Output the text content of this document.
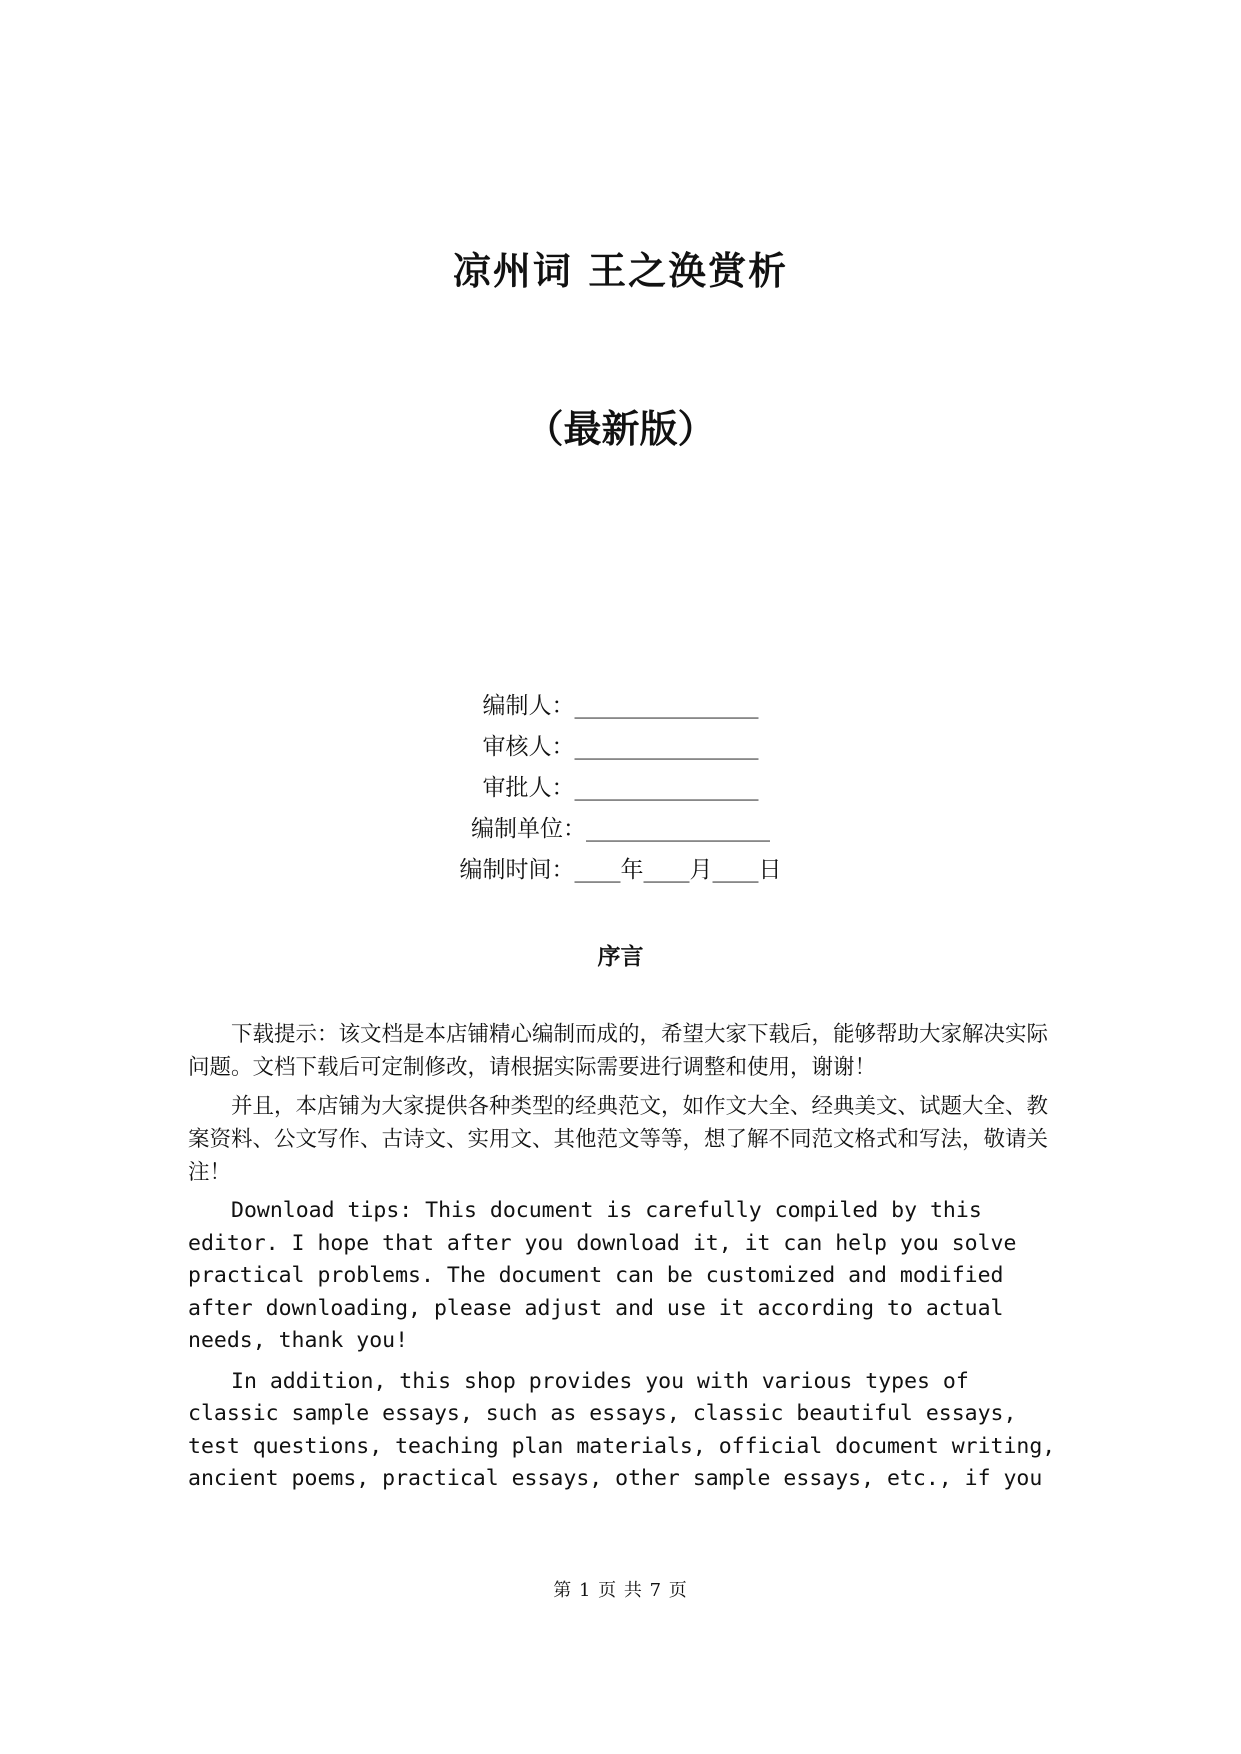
凉州词 王之涣赏析
（最新版）
编制人：________________
审核人：________________
审批人：________________
编制单位：________________
编制时间：____年____月____日
序言

下载提示：该文档是本店铺精心编制而成的，希望大家下载后，能够帮助大家解决实际问题。文档下载后可定制修改，请根据实际需要进行调整和使用，谢谢！

并且，本店铺为大家提供各种类型的经典范文，如作文大全、经典美文、试题大全、教案资料、公文写作、古诗文、实用文、其他范文等等，想了解不同范文格式和写法，敬请关注！

Download tips: This document is carefully compiled by this editor. I hope that after you download it, it can help you solve practical problems. The document can be customized and modified after downloading, please adjust and use it according to actual needs, thank you!

In addition, this shop provides you with various types of classic sample essays, such as essays, classic beautiful essays, test questions, teaching plan materials, official document writing, ancient poems, practical essays, other sample essays, etc., if you

第 1 页 共 7 页
